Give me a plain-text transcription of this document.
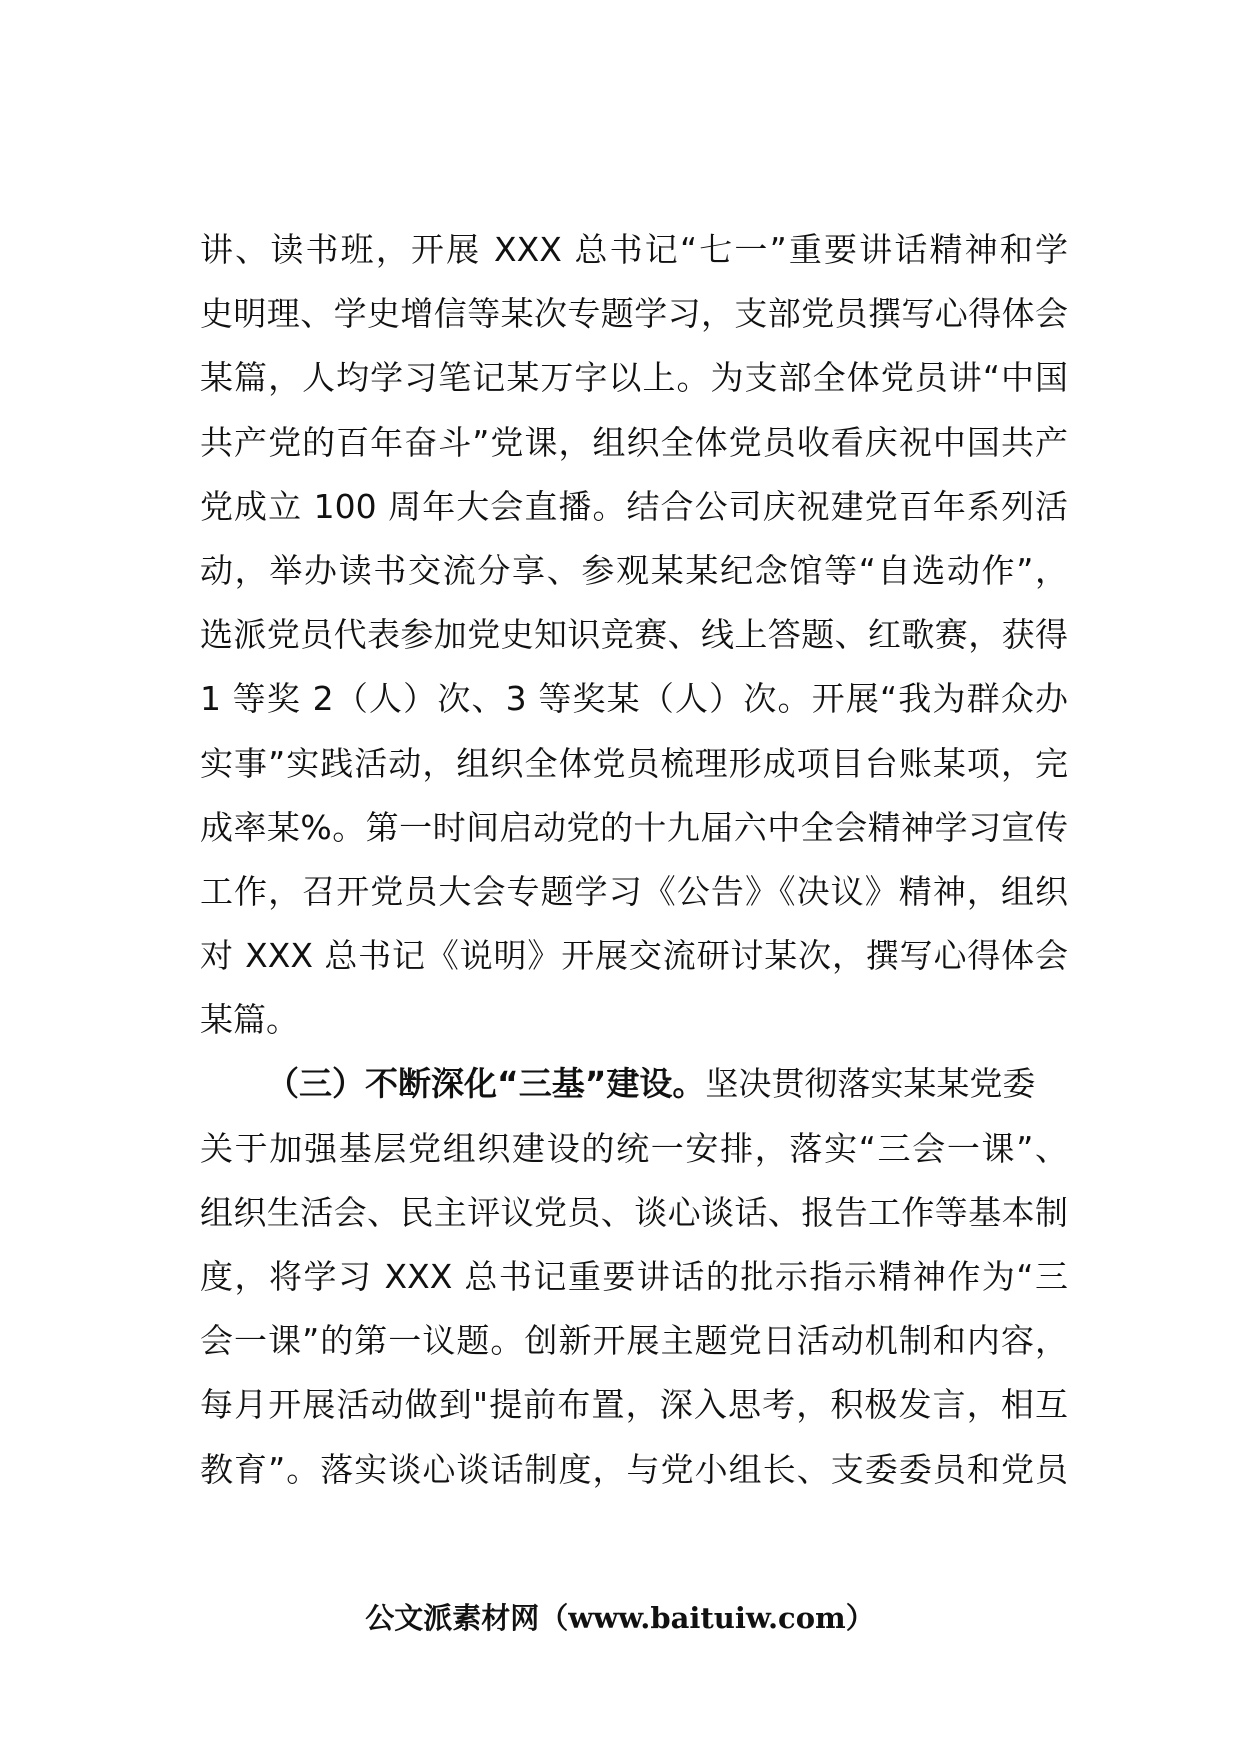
讲、读书班，开展 XXX 总书记“七一”重要讲话精神和学
史明理、学史增信等某次专题学习，支部党员撰写心得体会
某篇，人均学习笔记某万字以上。为支部全体党员讲“中国
共产党的百年奋斗”党课，组织全体党员收看庆祝中国共产
党成立 100 周年大会直播。结合公司庆祝建党百年系列活
动，举办读书交流分享、参观某某纪念馆等“自选动作”，
选派党员代表参加党史知识竞赛、线上答题、红歌赛，获得
1 等奖 2（人）次、3 等奖某（人）次。开展“我为群众办
实事”实践活动，组织全体党员梳理形成项目台账某项，完
成率某%。第一时间启动党的十九届六中全会精神学习宣传
工作，召开党员大会专题学习《公告》《决议》精神，组织
对 XXX 总书记《说明》开展交流研讨某次，撰写心得体会
某篇。
（三）不断深化“三基”建设。坚决贯彻落实某某党委
关于加强基层党组织建设的统一安排，落实“三会一课”、
组织生活会、民主评议党员、谈心谈话、报告工作等基本制
度，将学习 XXX 总书记重要讲话的批示指示精神作为“三
会一课”的第一议题。创新开展主题党日活动机制和内容，
每月开展活动做到"提前布置，深入思考，积极发言，相互
教育”。落实谈心谈话制度，与党小组长、支委委员和党员
公文派素材网（www.baituiw.com）
